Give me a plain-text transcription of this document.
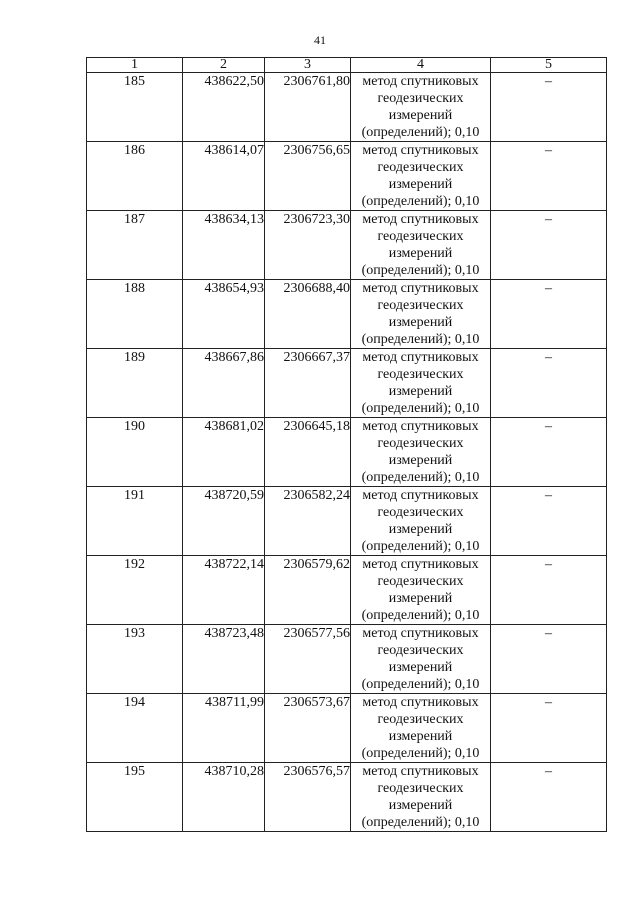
41
1	2	3	4	5
185	438622,50	2306761,80	метод спутниковых
геодезических
измерений
(определений); 0,10	–
186	438614,07	2306756,65	метод спутниковых
геодезических
измерений
(определений); 0,10	–
187	438634,13	2306723,30	метод спутниковых
геодезических
измерений
(определений); 0,10	–
188	438654,93	2306688,40	метод спутниковых
геодезических
измерений
(определений); 0,10	–
189	438667,86	2306667,37	метод спутниковых
геодезических
измерений
(определений); 0,10	–
190	438681,02	2306645,18	метод спутниковых
геодезических
измерений
(определений); 0,10	–
191	438720,59	2306582,24	метод спутниковых
геодезических
измерений
(определений); 0,10	–
192	438722,14	2306579,62	метод спутниковых
геодезических
измерений
(определений); 0,10	–
193	438723,48	2306577,56	метод спутниковых
геодезических
измерений
(определений); 0,10	–
194	438711,99	2306573,67	метод спутниковых
геодезических
измерений
(определений); 0,10	–
195	438710,28	2306576,57	метод спутниковых
геодезических
измерений
(определений); 0,10	–
